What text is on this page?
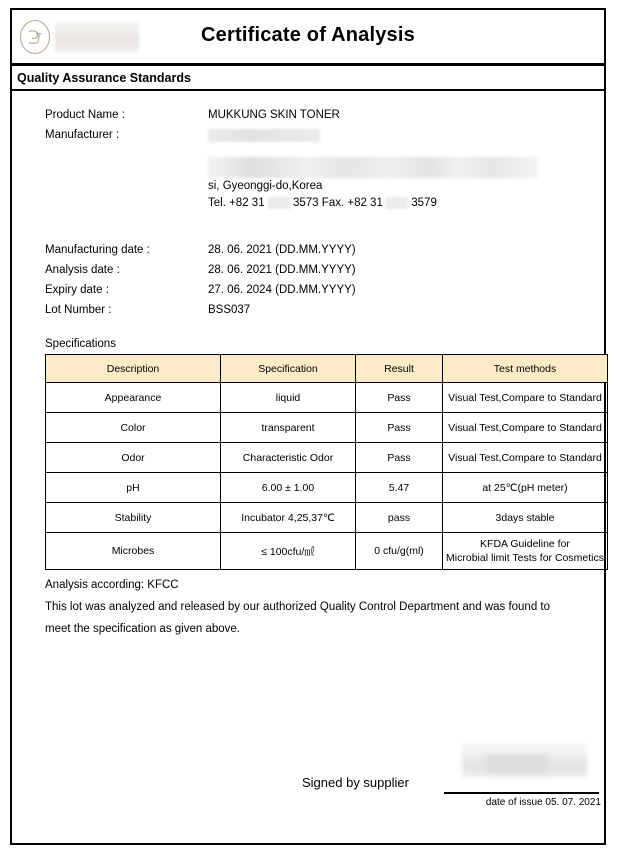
Certificate of Analysis
Quality Assurance Standards
Product Name :	MUKKUNG SKIN TONER
Manufacturer :
si, Gyeonggi-do,Korea
Tel. +82 31 3573 Fax. +82 31 3579
Manufacturing date :	28. 06. 2021 (DD.MM.YYYY)
Analysis date :	28. 06. 2021 (DD.MM.YYYY)
Expiry date :	27. 06. 2024 (DD.MM.YYYY)
Lot Number :	BSS037
Specifications
Description	Specification	Result	Test methods
Appearance	liquid	Pass	Visual Test,Compare to Standard
Color	transparent	Pass	Visual Test,Compare to Standard
Odor	Characteristic Odor	Pass	Visual Test,Compare to Standard
pH	6.00 ± 1.00	5.47	at 25℃(pH meter)
Stability	Incubator 4,25,37℃	pass	3days stable
Microbes	≤ 100cfu/㎖	0 cfu/g(ml)	KFDA Guideline for
Microbial limit Tests for Cosmetics
Analysis according: KFCC
This lot was analyzed and released by our authorized Quality Control Department and was found to
meet the specification as given above.
Signed by supplier
date of issue 05. 07. 2021
